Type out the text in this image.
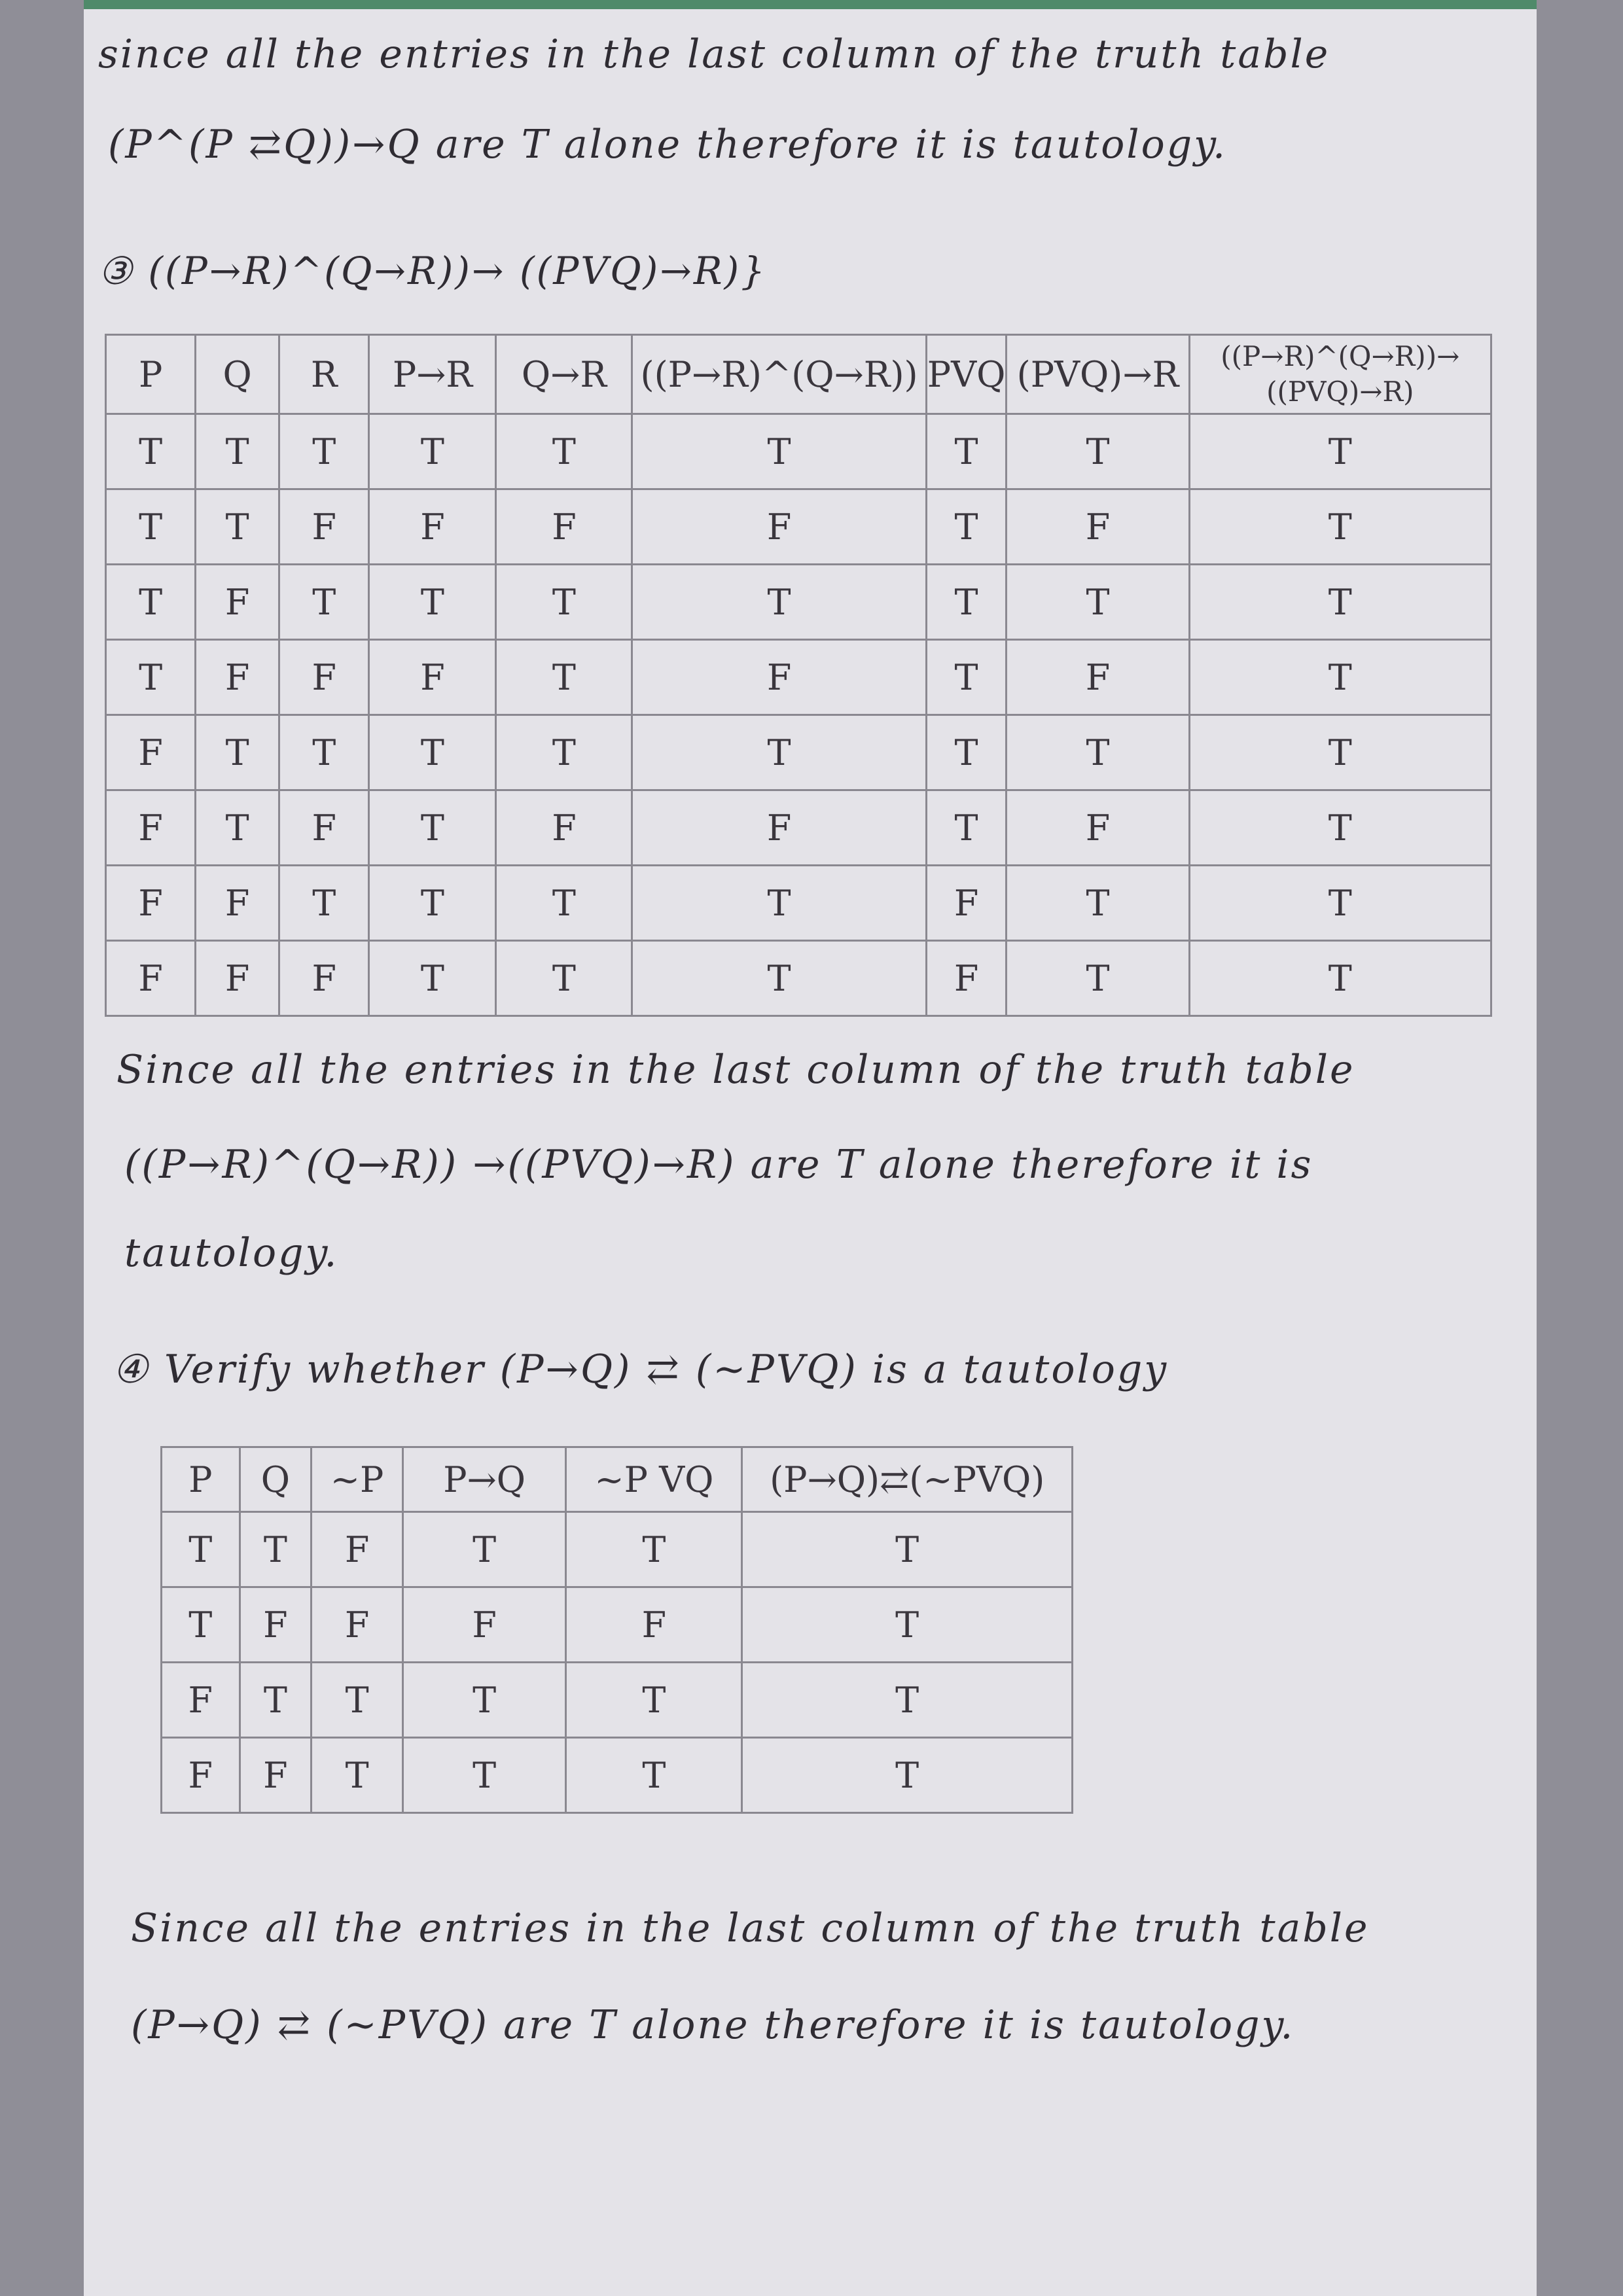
since all the entries in the last column of the truth table
(P^(P ⇄Q))→Q are T alone therefore it is tautology.
③ ((P→R)^(Q→R))→ ((PVQ)→R)}
P	Q	R	P→R	Q→R	((P→R)^(Q→R))	PVQ	(PVQ)→R	((P→R)^(Q→R))→
((PVQ)→R)
T	T	T	T	T	T	T	T	T
T	T	F	F	F	F	T	F	T
T	F	T	T	T	T	T	T	T
T	F	F	F	T	F	T	F	T
F	T	T	T	T	T	T	T	T
F	T	F	T	F	F	T	F	T
F	F	T	T	T	T	F	T	T
F	F	F	T	T	T	F	T	T
Since all the entries in the last column of the truth table
((P→R)^(Q→R)) →((PVQ)→R) are T alone therefore it is
tautology.
④ Verify whether (P→Q) ⇄ (~PVQ) is a tautology
P	Q	~P	P→Q	~P VQ	(P→Q)⇄(~PVQ)
T	T	F	T	T	T
T	F	F	F	F	T
F	T	T	T	T	T
F	F	T	T	T	T
Since all the entries in the last column of the truth table
(P→Q) ⇄ (~PVQ) are T alone therefore it is tautology.
